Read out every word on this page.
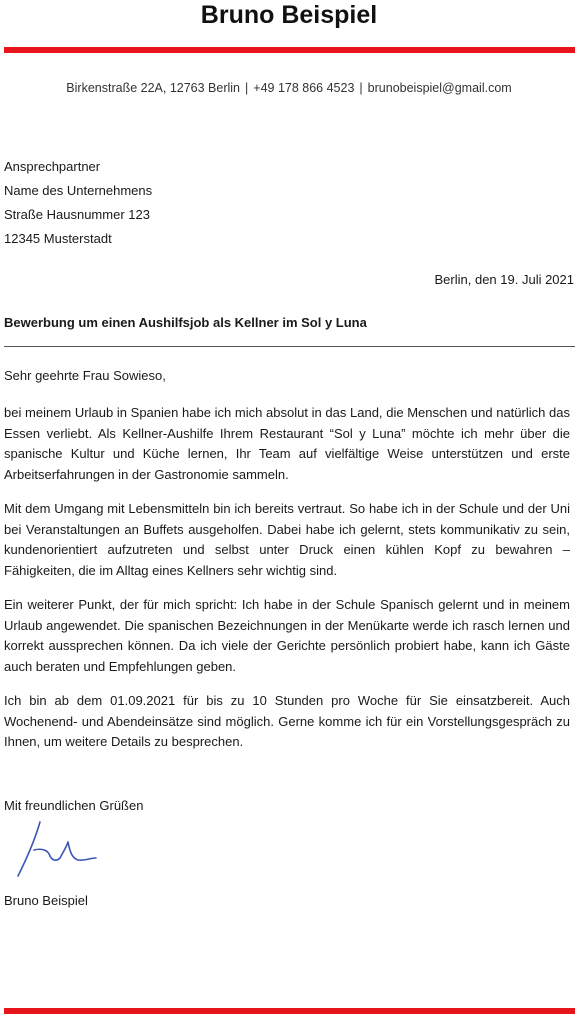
Bruno Beispiel
Birkenstraße 22A, 12763 Berlin | +49 178 866 4523 | brunobeispiel@gmail.com
Ansprechpartner
Name des Unternehmens
Straße Hausnummer 123
12345 Musterstadt
Berlin, den 19. Juli 2021
Bewerbung um einen Aushilfsjob als Kellner im Sol y Luna
Sehr geehrte Frau Sowieso,

bei meinem Urlaub in Spanien habe ich mich absolut in das Land, die Menschen und natürlich das Essen verliebt. Als Kellner-Aushilfe Ihrem Restaurant “Sol y Luna” möchte ich mehr über die spanische Kultur und Küche lernen, Ihr Team auf vielfältige Weise unterstützen und erste Arbeitserfahrungen in der Gastronomie sammeln.

Mit dem Umgang mit Lebensmitteln bin ich bereits vertraut. So habe ich in der Schule und der Uni bei Veranstaltungen an Buffets ausgeholfen. Dabei habe ich gelernt, stets kommunikativ zu sein, kundenorientiert aufzutreten und selbst unter Druck einen kühlen Kopf zu bewahren – Fähigkeiten, die im Alltag eines Kellners sehr wichtig sind.

Ein weiterer Punkt, der für mich spricht: Ich habe in der Schule Spanisch gelernt und in meinem Urlaub angewendet. Die spanischen Bezeichnungen in der Menükarte werde ich rasch lernen und korrekt aussprechen können. Da ich viele der Gerichte persönlich probiert habe, kann ich Gäste auch beraten und Empfehlungen geben.

Ich bin ab dem 01.09.2021 für bis zu 10 Stunden pro Woche für Sie einsatzbereit. Auch Wochenend- und Abendeinsätze sind möglich. Gerne komme ich für ein Vorstellungsgespräch zu Ihnen, um weitere Details zu besprechen.

Mit freundlichen Grüßen
Bruno Beispiel
